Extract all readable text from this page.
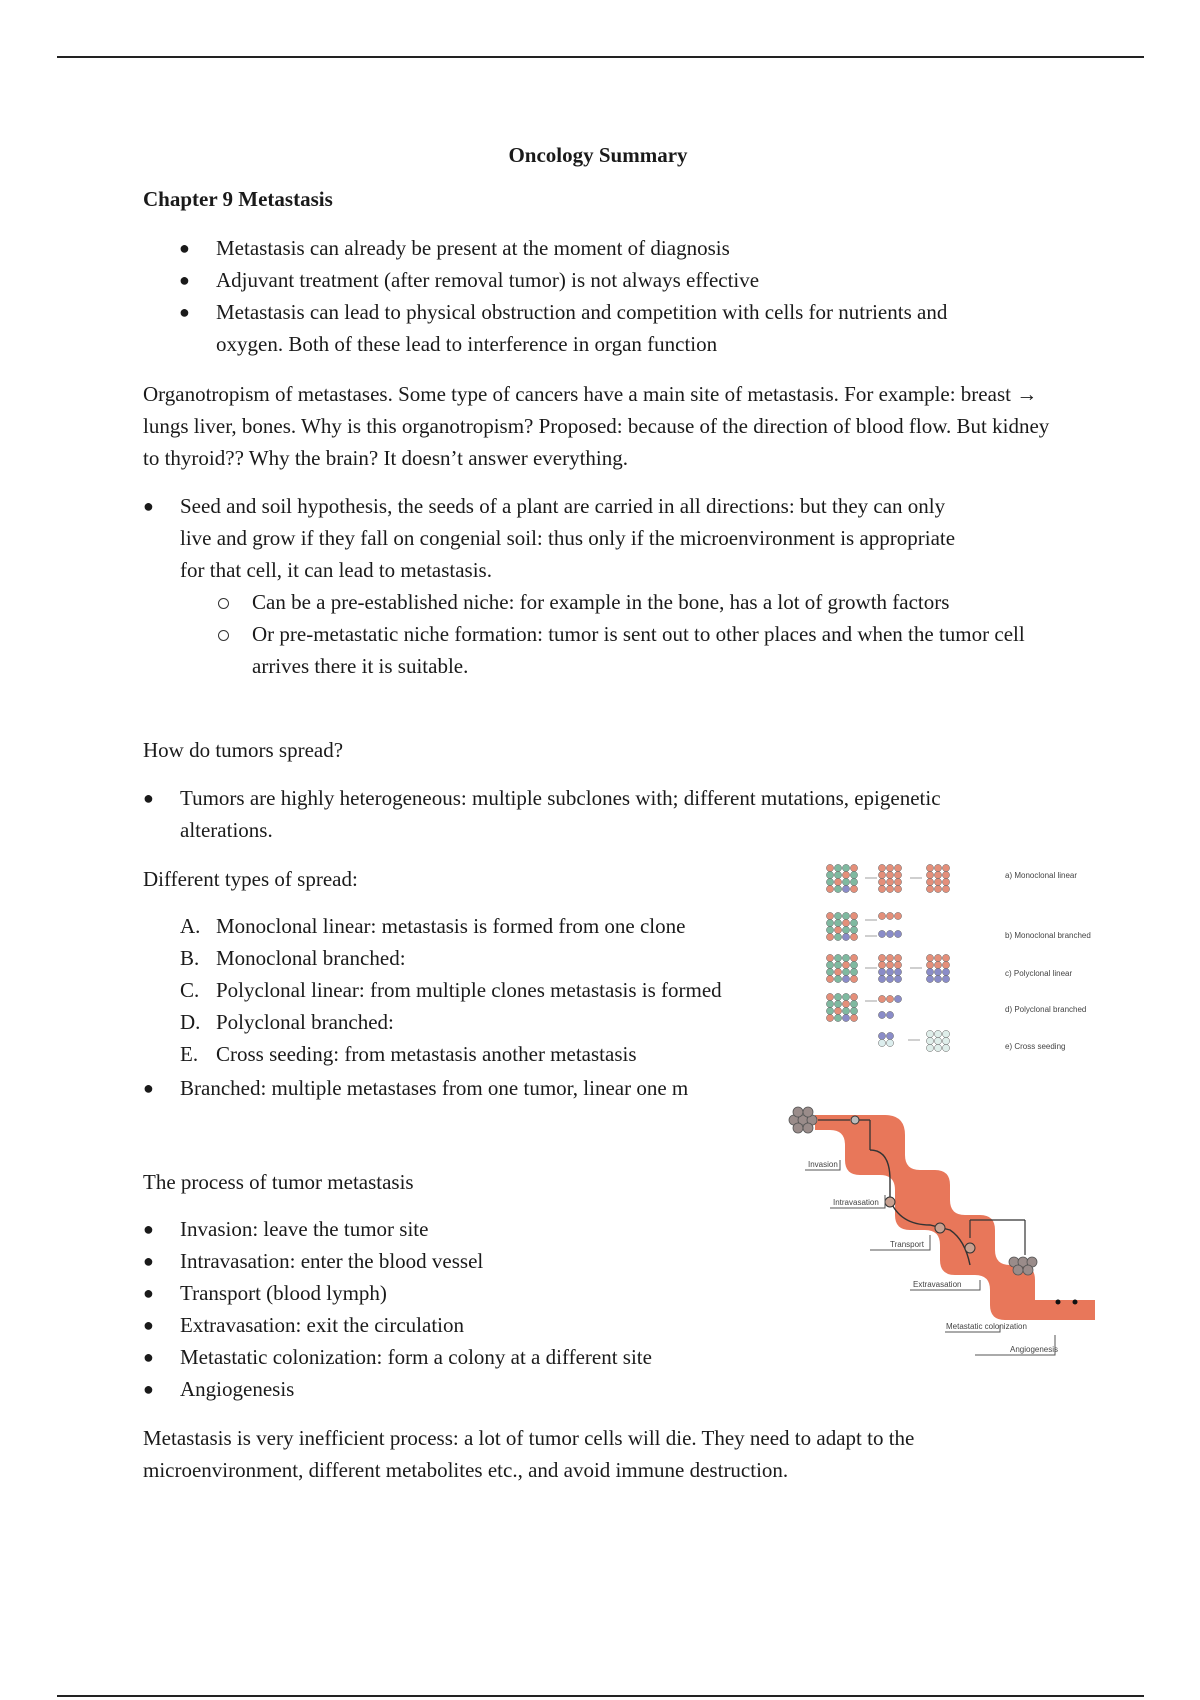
Oncology Summary
Chapter 9 Metastasis
● Metastasis can already be present at the moment of diagnosis
● Adjuvant treatment (after removal tumor) is not always effective
● Metastasis can lead to physical obstruction and competition with cells for nutrients and oxygen. Both of these lead to interference in organ function

Organotropism of metastases. Some type of cancers have a main site of metastasis. For example: breast → lungs liver, bones. Why is this organotropism? Proposed: because of the direction of blood flow. But kidney to thyroid?? Why the brain? It doesn’t answer everything.

● Seed and soil hypothesis, the seeds of a plant are carried in all directions: but they can only live and grow if they fall on congenial soil: thus only if the microenvironment is appropriate for that cell, it can lead to metastasis.
Can be a pre-established niche: for example in the bone, has a lot of growth factors
Or pre-metastatic niche formation: tumor is sent out to other places and when the tumor cell arrives there it is suitable.

How do tumors spread?

● Tumors are highly heterogeneous: multiple subclones with; different mutations, epigenetic alterations.

Different types of spread:

A. Monoclonal linear: metastasis is formed from one clone
B. Monoclonal branched:
C. Polyclonal linear: from multiple clones metastasis is formed
D. Polyclonal branched:
E. Cross seeding: from metastasis another metastasis
● Branched: multiple metastases from one tumor, linear one m

The process of tumor metastasis

● Invasion: leave the tumor site
● Intravasation: enter the blood vessel
● Transport (blood lymph)
● Extravasation: exit the circulation
● Metastatic colonization: form a colony at a different site
● Angiogenesis

Metastasis is very inefficient process: a lot of tumor cells will die. They need to adapt to the microenvironment, different metabolites etc., and avoid immune destruction.

a) Monoclonal linear
b) Monoclonal branched
c) Polyclonal linear
d) Polyclonal branched
e) Cross seeding
Invasion
Intravasation
Transport
Extravasation
Metastatic colonization
Angiogenesis
